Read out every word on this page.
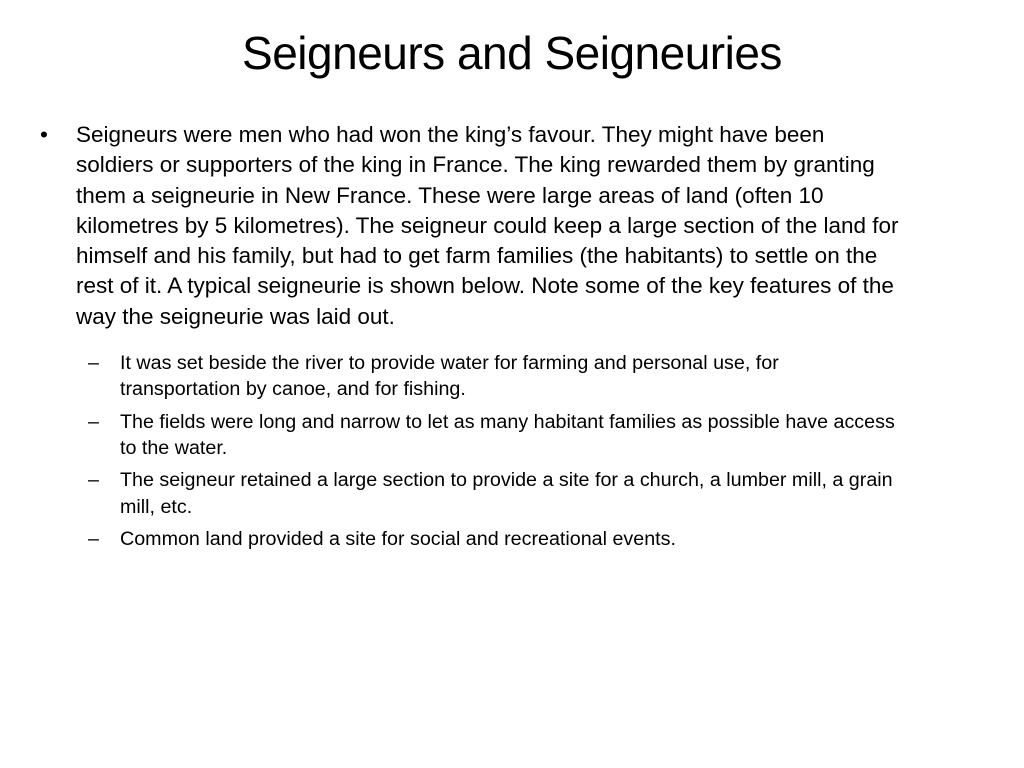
Seigneurs and Seigneuries
•	Seigneurs were men who had won the king’s favour. They might have been soldiers or supporters of the king in France. The king rewarded them by granting them a seigneurie in New France. These were large areas of land (often 10 kilometres by 5 kilometres). The seigneur could keep a large section of the land for himself and his family, but had to get farm families (the habitants) to settle on the rest of it. A typical seigneurie is shown below. Note some of the key features of the way the seigneurie was laid out.
–	It was set beside the river to provide water for farming and personal use, for transportation by canoe, and for fishing.
–	The fields were long and narrow to let as many habitant families as possible have access to the water.
–	The seigneur retained a large section to provide a site for a church, a lumber mill, a grain mill, etc.
–	Common land provided a site for social and recreational events.
